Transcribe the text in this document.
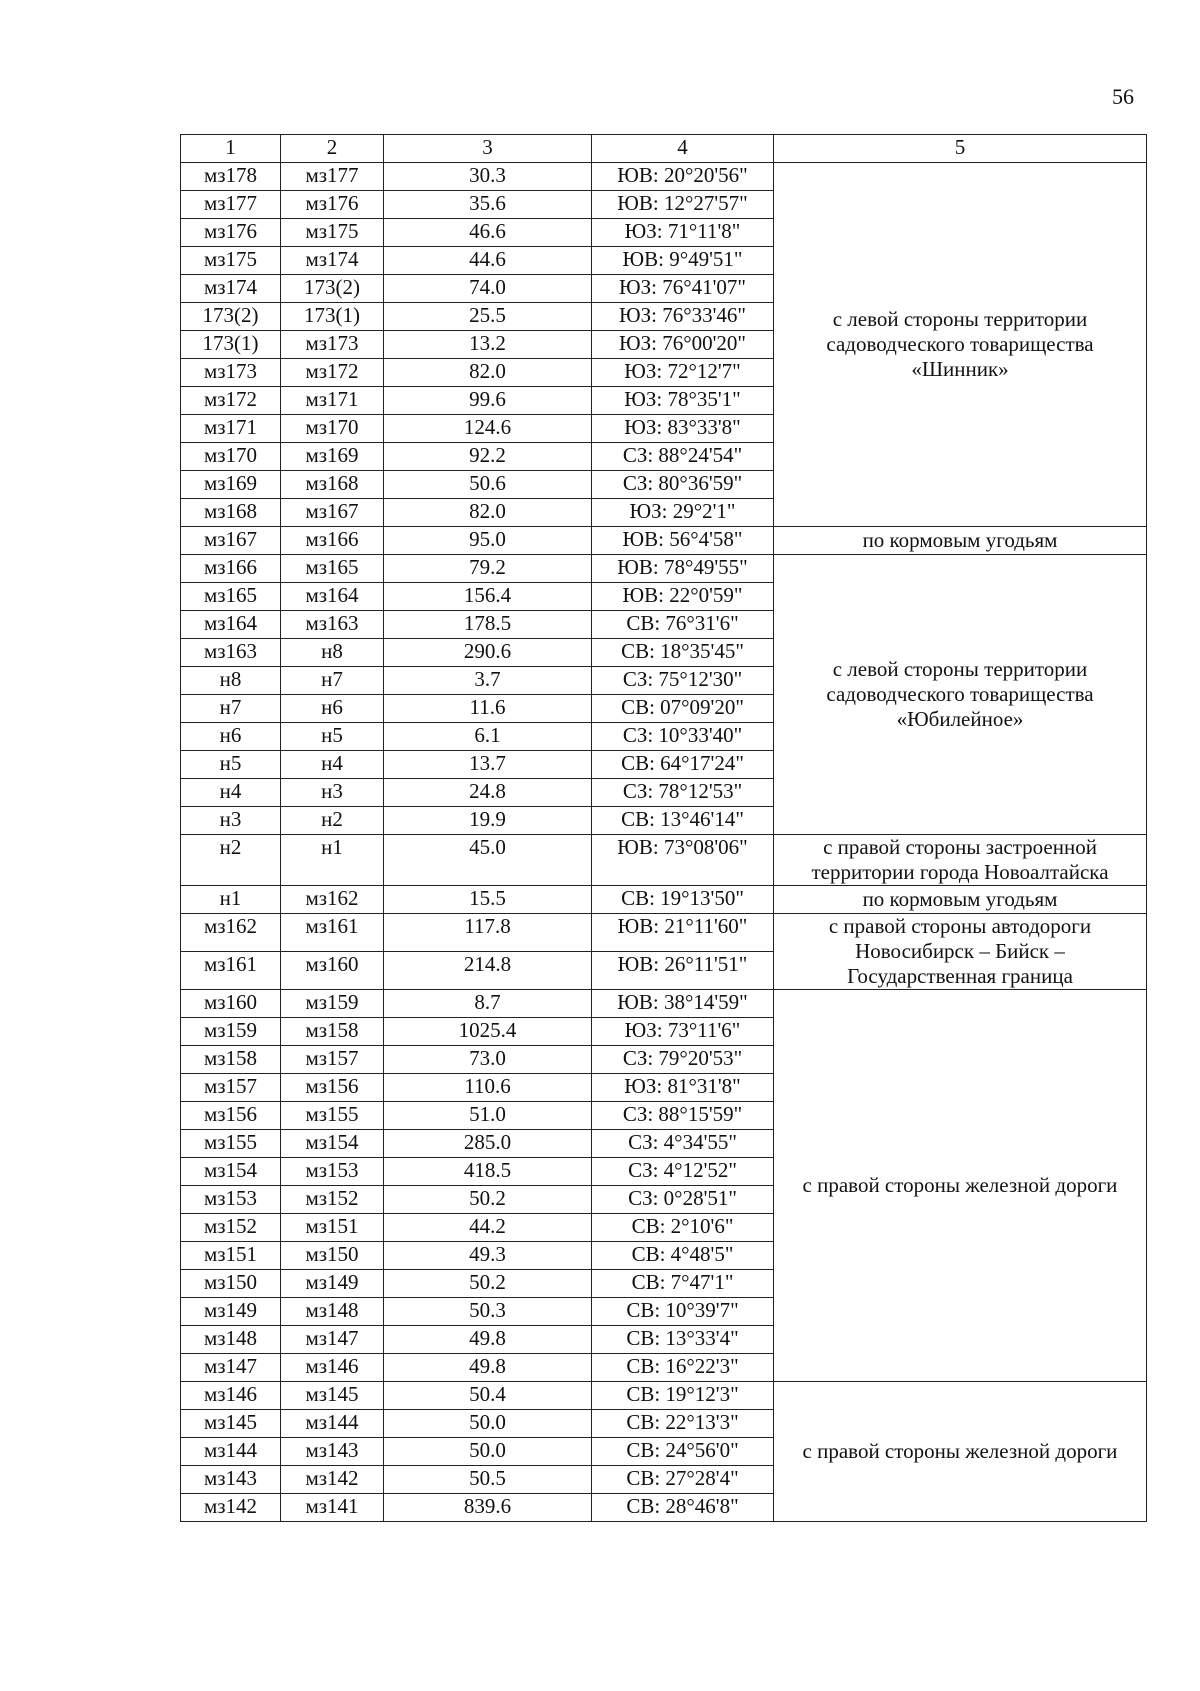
56
1	2	3	4	5
мз178	мз177	30.3	ЮВ: 20°20'56"	с левой стороны территории садоводческого товарищества «Шинник»
мз177	мз176	35.6	ЮВ: 12°27'57"	
мз176	мз175	46.6	ЮЗ: 71°11'8"	
мз175	мз174	44.6	ЮВ: 9°49'51"	
мз174	173(2)	74.0	ЮЗ: 76°41'07"	
173(2)	173(1)	25.5	ЮЗ: 76°33'46"	
173(1)	мз173	13.2	ЮЗ: 76°00'20"	
мз173	мз172	82.0	ЮЗ: 72°12'7"	
мз172	мз171	99.6	ЮЗ: 78°35'1"	
мз171	мз170	124.6	ЮЗ: 83°33'8"	
мз170	мз169	92.2	СЗ: 88°24'54"	
мз169	мз168	50.6	СЗ: 80°36'59"	
мз168	мз167	82.0	ЮЗ: 29°2'1"	
мз167	мз166	95.0	ЮВ: 56°4'58"	по кормовым угодьям
мз166	мз165	79.2	ЮВ: 78°49'55"	с левой стороны территории садоводческого товарищества «Юбилейное»
мз165	мз164	156.4	ЮВ: 22°0'59"	
мз164	мз163	178.5	СВ: 76°31'6"	
мз163	н8	290.6	СВ: 18°35'45"	
н8	н7	3.7	СЗ: 75°12'30"	
н7	н6	11.6	СВ: 07°09'20"	
н6	н5	6.1	СЗ: 10°33'40"	
н5	н4	13.7	СВ: 64°17'24"	
н4	н3	24.8	СЗ: 78°12'53"	
н3	н2	19.9	СВ: 13°46'14"	
н2	н1	45.0	ЮВ: 73°08'06"	с правой стороны застроенной территории города Новоалтайска
н1	мз162	15.5	СВ: 19°13'50"	по кормовым угодьям
мз162	мз161	117.8	ЮВ: 21°11'60"	с правой стороны автодороги Новосибирск – Бийск – Государственная граница
мз161	мз160	214.8	ЮВ: 26°11'51"	
мз160	мз159	8.7	ЮВ: 38°14'59"	с правой стороны железной дороги
мз159	мз158	1025.4	ЮЗ: 73°11'6"	
мз158	мз157	73.0	СЗ: 79°20'53"	
мз157	мз156	110.6	ЮЗ: 81°31'8"	
мз156	мз155	51.0	СЗ: 88°15'59"	
мз155	мз154	285.0	СЗ: 4°34'55"	
мз154	мз153	418.5	СЗ: 4°12'52"	
мз153	мз152	50.2	СЗ: 0°28'51"	
мз152	мз151	44.2	СВ: 2°10'6"	
мз151	мз150	49.3	СВ: 4°48'5"	
мз150	мз149	50.2	СВ: 7°47'1"	
мз149	мз148	50.3	СВ: 10°39'7"	
мз148	мз147	49.8	СВ: 13°33'4"	
мз147	мз146	49.8	СВ: 16°22'3"	
мз146	мз145	50.4	СВ: 19°12'3"	с правой стороны железной дороги
мз145	мз144	50.0	СВ: 22°13'3"	
мз144	мз143	50.0	СВ: 24°56'0"	
мз143	мз142	50.5	СВ: 27°28'4"	
мз142	мз141	839.6	СВ: 28°46'8"	
